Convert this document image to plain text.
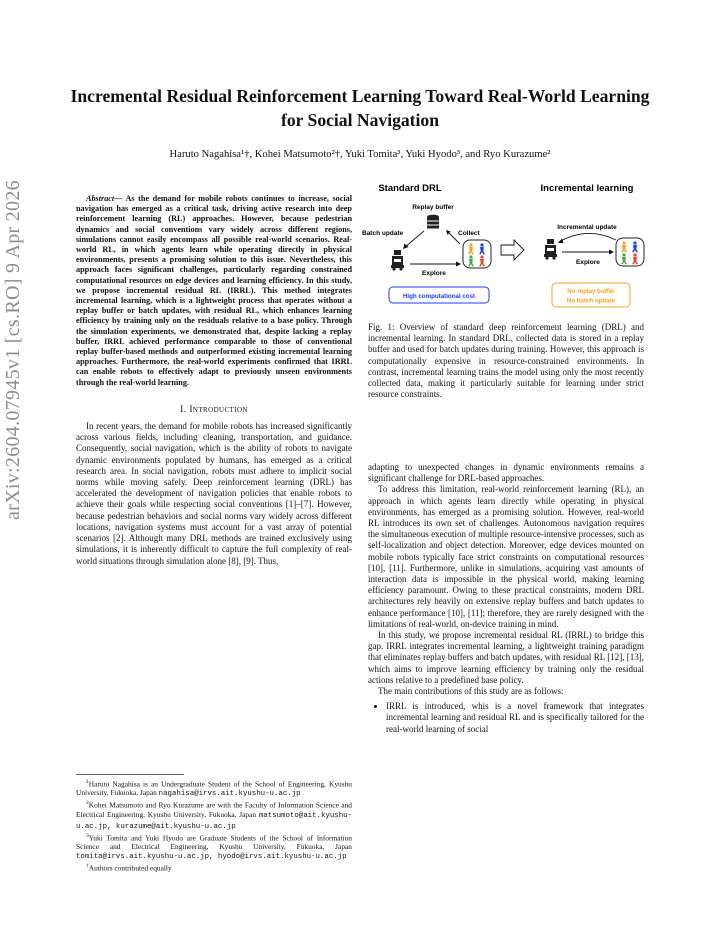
arXiv:2604.07945v1 [cs.RO] 9 Apr 2026
Incremental Residual Reinforcement Learning Toward Real-World Learning for Social Navigation
Haruto Nagahisa¹†, Kohei Matsumoto²†, Yuki Tomita³, Yuki Hyodo³, and Ryo Kurazume²

Abstract— As the demand for mobile robots continues to increase, social navigation has emerged as a critical task, driving active research into deep reinforcement learning (RL) approaches. However, because pedestrian dynamics and social conventions vary widely across different regions, simulations cannot easily encompass all possible real-world scenarios. Real-world RL, in which agents learn while operating directly in physical environments, presents a promising solution to this issue. Nevertheless, this approach faces significant challenges, particularly regarding constrained computational resources on edge devices and learning efficiency. In this study, we propose incremental residual RL (IRRL). This method integrates incremental learning, which is a lightweight process that operates without a replay buffer or batch updates, with residual RL, which enhances learning efficiency by training only on the residuals relative to a base policy. Through the simulation experiments, we demonstrated that, despite lacking a replay buffer, IRRL achieved performance comparable to those of conventional replay buffer-based methods and outperformed existing incremental learning approaches. Furthermore, the real-world experiments confirmed that IRRL can enable robots to effectively adapt to previously unseen environments through the real-world learning.

I. Introduction

In recent years, the demand for mobile robots has increased significantly across various fields, including cleaning, transportation, and guidance. Consequently, social navigation, which is the ability of robots to navigate dynamic environments populated by humans, has emerged as a critical research area. In social navigation, robots must adhere to implicit social norms while moving safely. Deep reinforcement learning (DRL) has accelerated the development of navigation policies that enable robots to achieve their goals while respecting social conventions [1]–[7]. However, because pedestrian behaviors and social norms vary widely across different locations, navigation systems must account for a vast array of potential scenarios [2]. Although many DRL methods are trained exclusively using simulations, it is inherently difficult to capture the full complexity of real-world situations through simulation alone [8], [9]. Thus,

$^1$Haruto Nagahisa is an Undergraduate Student of the School of Engineering, Kyushu University, Fukuoka, Japan nagahisa@irvs.ait.kyushu-u.ac.jp

$^2$Kohei Matsumoto and Ryo Kurazume are with the Faculty of Information Science and Electrical Engineering, Kyushu University, Fukuoka, Japan matsumoto@ait.kyushu-u.ac.jp, kurazume@ait.kyushu-u.ac.jp

$^3$Yuki Tomita and Yuki Hyodo are Graduate Students of the School of Information Science and Electrical Engineering, Kyushu University, Fukuoka, Japan tomita@irvs.ait.kyushu-u.ac.jp, hyodo@irvs.ait.kyushu-u.ac.jp

†Authors contributed equally

Standard DRL	Incremental learning
Replay buffer
Batch update	Collect
Explore
High computational cost
Incremental update
Explore
No replay buffer
No batch update

Fig. 1: Overview of standard deep reinforcement learning (DRL) and incremental learning. In standard DRL, collected data is stored in a replay buffer and used for batch updates during training. However, this approach is computationally expensive in resource-constrained environments. In contrast, incremental learning trains the model using only the most recently collected data, making it particularly suitable for learning under strict resource constraints.

adapting to unexpected changes in dynamic environments remains a significant challenge for DRL-based approaches.

To address this limitation, real-world reinforcement learning (RL), an approach in which agents learn directly while operating in physical environments, has emerged as a promising solution. However, real-world RL introduces its own set of challenges. Autonomous navigation requires the simultaneous execution of multiple resource-intensive processes, such as self-localization and object detection. Moreover, edge devices mounted on mobile robots typically face strict constraints on computational resources [10], [11]. Furthermore, unlike in simulations, acquiring vast amounts of interaction data is impossible in the physical world, making learning efficiency paramount. Owing to these practical constraints, modern DRL architectures rely heavily on extensive replay buffers and batch updates to enhance performance [10], [11]; therefore, they are rarely designed with the limitations of real-world, on-device training in mind.

In this study, we propose incremental residual RL (IRRL) to bridge this gap. IRRL integrates incremental learning, a lightweight training paradigm that eliminates replay buffers and batch updates, with residual RL [12], [13], which aims to improve learning efficiency by training only the residual actions relative to a predefined base policy.

The main contributions of this study are as follows:

• IRRL is introduced, whis is a novel framework that integrates incremental learning and residual RL and is specifically tailored for the real-world learning of social
